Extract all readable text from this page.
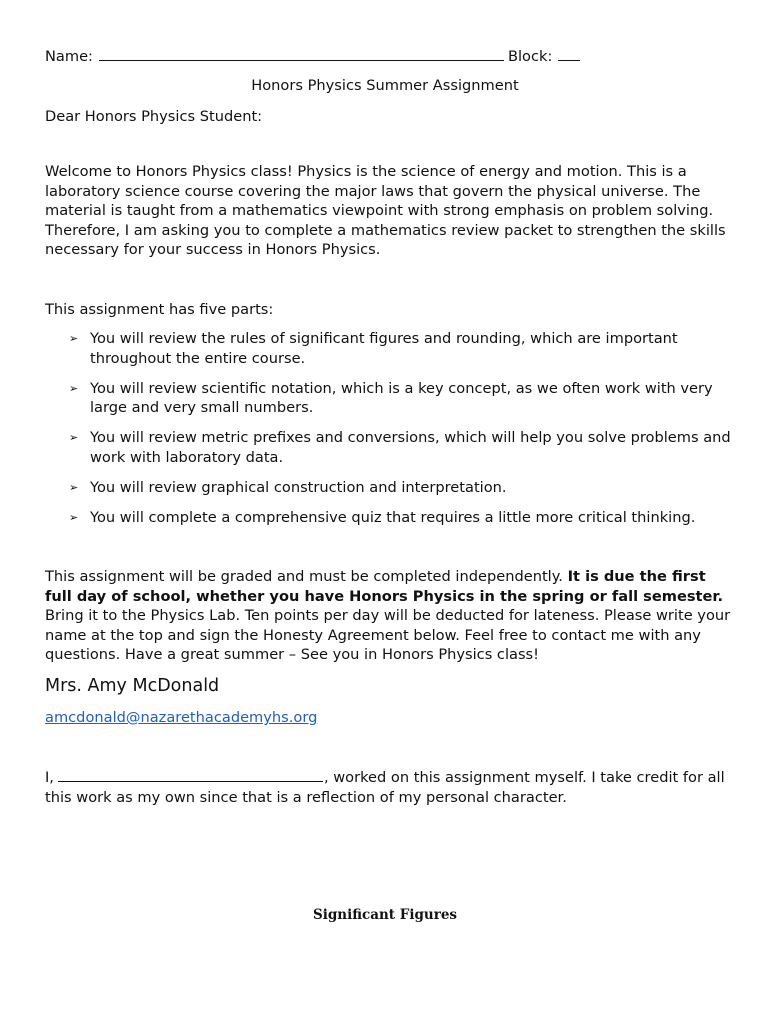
Name:	Block:
Honors Physics Summer Assignment
Dear Honors Physics Student:

Welcome to Honors Physics class! Physics is the science of energy and motion. This is a laboratory science course covering the major laws that govern the physical universe. The material is taught from a mathematics viewpoint with strong emphasis on problem solving. Therefore, I am asking you to complete a mathematics review packet to strengthen the skills necessary for your success in Honors Physics.

This assignment has five parts:
➢ You will review the rules of significant figures and rounding, which are important throughout the entire course.
➢ You will review scientific notation, which is a key concept, as we often work with very large and very small numbers.
➢ You will review metric prefixes and conversions, which will help you solve problems and work with laboratory data.
➢ You will review graphical construction and interpretation.
➢ You will complete a comprehensive quiz that requires a little more critical thinking.

This assignment will be graded and must be completed independently. It is due the first full day of school, whether you have Honors Physics in the spring or fall semester. Bring it to the Physics Lab. Ten points per day will be deducted for lateness. Please write your name at the top and sign the Honesty Agreement below. Feel free to contact me with any questions. Have a great summer – See you in Honors Physics class!

Mrs. Amy McDonald
amcdonald@nazarethacademyhs.org

I,	, worked on this assignment myself. I take credit for all this work as my own since that is a reflection of my personal character.

Significant Figures
